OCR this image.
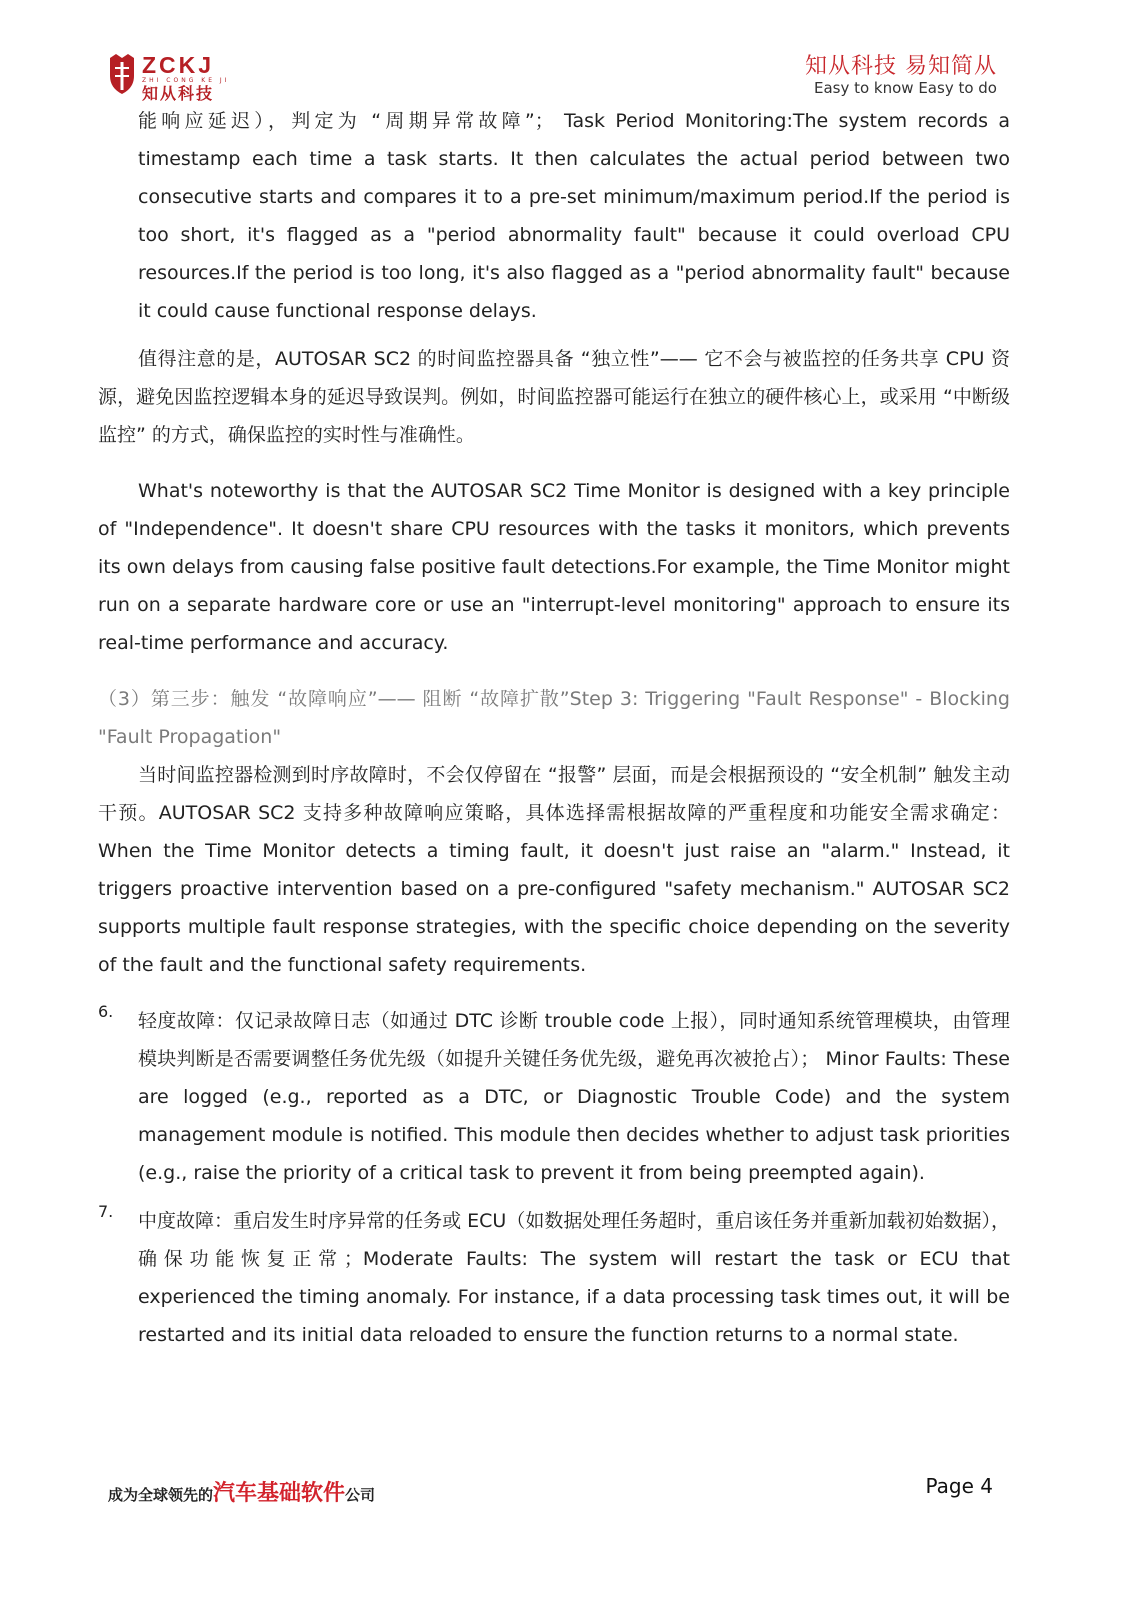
ZCKJ
ZHI CONG KE JI
知从科技
知从科技 易知简从
Easy to know Easy to do

能响应延迟），判定为 “周期异常故障”； Task Period Monitoring:The system records a timestamp each time a task starts. It then calculates the actual period between two consecutive starts and compares it to a pre-set minimum/maximum period.If the period is too short, it's flagged as a "period abnormality fault" because it could overload CPU resources.If the period is too long, it's also flagged as a "period abnormality fault" because it could cause functional response delays.

值得注意的是，AUTOSAR SC2 的时间监控器具备 “独立性”—— 它不会与被监控的任务共享 CPU 资源，避免因监控逻辑本身的延迟导致误判。例如，时间监控器可能运行在独立的硬件核心上，或采用 “中断级监控” 的方式，确保监控的实时性与准确性。

What's noteworthy is that the AUTOSAR SC2 Time Monitor is designed with a key principle of "Independence". It doesn't share CPU resources with the tasks it monitors, which prevents its own delays from causing false positive fault detections.For example, the Time Monitor might run on a separate hardware core or use an "interrupt-level monitoring" approach to ensure its real-time performance and accuracy.

（3）第三步：触发 “故障响应”—— 阻断 “故障扩散”Step 3: Triggering "Fault Response" - Blocking "Fault Propagation"

当时间监控器检测到时序故障时，不会仅停留在 “报警” 层面，而是会根据预设的 “安全机制” 触发主动干预。AUTOSAR SC2 支持多种故障响应策略，具体选择需根据故障的严重程度和功能安全需求确定：When the Time Monitor detects a timing fault, it doesn't just raise an "alarm." Instead, it triggers proactive intervention based on a pre-configured "safety mechanism." AUTOSAR SC2 supports multiple fault response strategies, with the specific choice depending on the severity of the fault and the functional safety requirements.

6. 轻度故障：仅记录故障日志（如通过 DTC 诊断 trouble code 上报），同时通知系统管理模块，由管理模块判断是否需要调整任务优先级（如提升关键任务优先级，避免再次被抢占）； Minor Faults: These are logged (e.g., reported as a DTC, or Diagnostic Trouble Code) and the system management module is notified. This module then decides whether to adjust task priorities (e.g., raise the priority of a critical task to prevent it from being preempted again).

7. 中度故障：重启发生时序异常的任务或 ECU（如数据处理任务超时，重启该任务并重新加载初始数据），确保功能恢复正常；Moderate Faults: The system will restart the task or ECU that experienced the timing anomaly. For instance, if a data processing task times out, it will be restarted and its initial data reloaded to ensure the function returns to a normal state.

成为全球领先的汽车基础软件公司	Page 4
